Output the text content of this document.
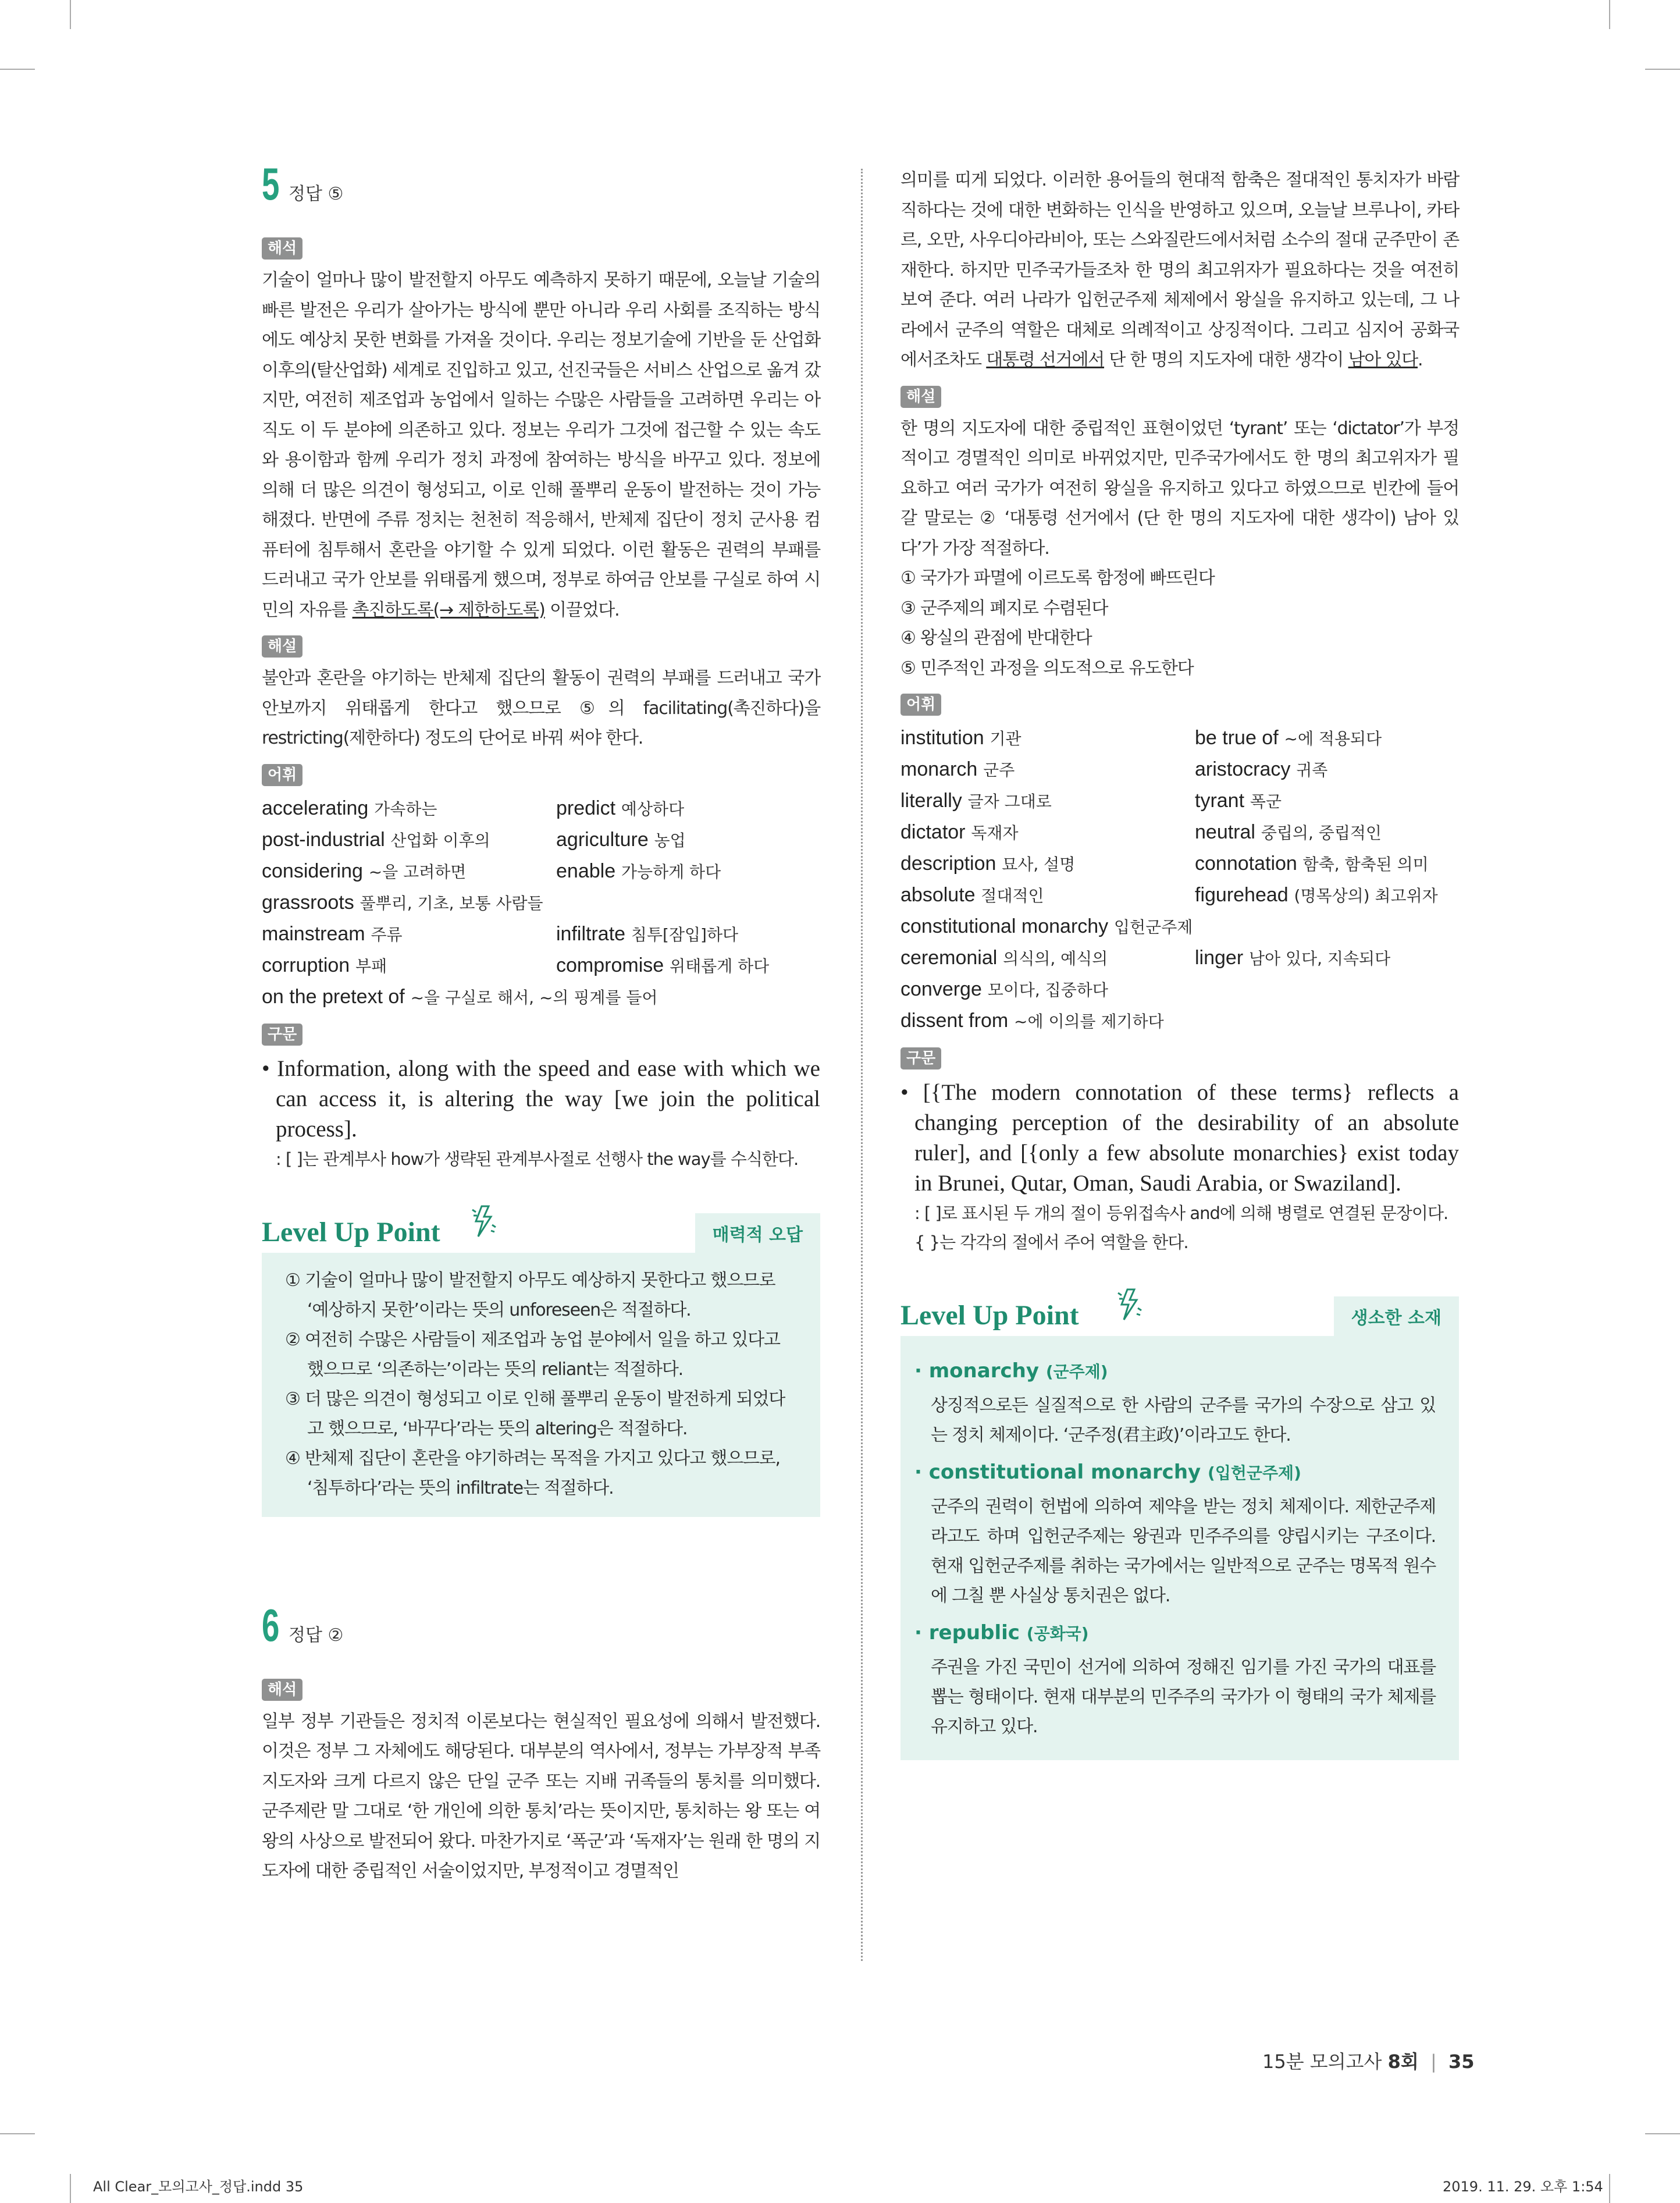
5 정답 ⑤
해석

기술이 얼마나 많이 발전할지 아무도 예측하지 못하기 때문에, 오늘날 기술의 빠른 발전은 우리가 살아가는 방식에 뿐만 아니라 우리 사회를 조직하는 방식에도 예상치 못한 변화를 가져올 것이다. 우리는 정보기술에 기반을 둔 산업화 이후의(탈산업화) 세계로 진입하고 있고, 선진국들은 서비스 산업으로 옮겨 갔지만, 여전히 제조업과 농업에서 일하는 수많은 사람들을 고려하면 우리는 아직도 이 두 분야에 의존하고 있다. 정보는 우리가 그것에 접근할 수 있는 속도와 용이함과 함께 우리가 정치 과정에 참여하는 방식을 바꾸고 있다. 정보에 의해 더 많은 의견이 형성되고, 이로 인해 풀뿌리 운동이 발전하는 것이 가능해졌다. 반면에 주류 정치는 천천히 적응해서, 반체제 집단이 정치 군사용 컴퓨터에 침투해서 혼란을 야기할 수 있게 되었다. 이런 활동은 권력의 부패를 드러내고 국가 안보를 위태롭게 했으며, 정부로 하여금 안보를 구실로 하여 시민의 자유를 촉진하도록(→ 제한하도록) 이끌었다.

해설

불안과 혼란을 야기하는 반체제 집단의 활동이 권력의 부패를 드러내고 국가 안보까지 위태롭게 한다고 했으므로 ⑤의 facilitating(촉진하다)을 restricting(제한하다) 정도의 단어로 바꿔 써야 한다.

어휘
accelerating 가속하는	predict 예상하다
post-industrial 산업화 이후의	agriculture 농업
considering ~을 고려하면	enable 가능하게 하다
grassroots 풀뿌리, 기초, 보통 사람들
mainstream 주류	infiltrate 침투[잠입]하다
corruption 부패	compromise 위태롭게 하다
on the pretext of ~을 구실로 해서, ~의 핑계를 들어
구문

• Information, along with the speed and ease with which we can access it, is altering the way [we join the political process].

: [ ]는 관계부사 how가 생략된 관계부사절로 선행사 the way를 수식한다.

Level Up Point	매력적 오답

① 기술이 얼마나 많이 발전할지 아무도 예상하지 못한다고 했으므로 ‘예상하지 못한’이라는 뜻의 unforeseen은 적절하다.

② 여전히 수많은 사람들이 제조업과 농업 분야에서 일을 하고 있다고 했으므로 ‘의존하는’이라는 뜻의 reliant는 적절하다.

③ 더 많은 의견이 형성되고 이로 인해 풀뿌리 운동이 발전하게 되었다고 했으므로, ‘바꾸다’라는 뜻의 altering은 적절하다.

④ 반체제 집단이 혼란을 야기하려는 목적을 가지고 있다고 했으므로, ‘침투하다’라는 뜻의 infiltrate는 적절하다.

6 정답 ②
해석

일부 정부 기관들은 정치적 이론보다는 현실적인 필요성에 의해서 발전했다. 이것은 정부 그 자체에도 해당된다. 대부분의 역사에서, 정부는 가부장적 부족 지도자와 크게 다르지 않은 단일 군주 또는 지배 귀족들의 통치를 의미했다. 군주제란 말 그대로 ‘한 개인에 의한 통치’라는 뜻이지만, 통치하는 왕 또는 여왕의 사상으로 발전되어 왔다. 마찬가지로 ‘폭군’과 ‘독재자’는 원래 한 명의 지도자에 대한 중립적인 서술이었지만, 부정적이고 경멸적인

의미를 띠게 되었다. 이러한 용어들의 현대적 함축은 절대적인 통치자가 바람직하다는 것에 대한 변화하는 인식을 반영하고 있으며, 오늘날 브루나이, 카타르, 오만, 사우디아라비아, 또는 스와질란드에서처럼 소수의 절대 군주만이 존재한다. 하지만 민주국가들조차 한 명의 최고위자가 필요하다는 것을 여전히 보여 준다. 여러 나라가 입헌군주제 체제에서 왕실을 유지하고 있는데, 그 나라에서 군주의 역할은 대체로 의례적이고 상징적이다. 그리고 심지어 공화국에서조차도 대통령 선거에서 단 한 명의 지도자에 대한 생각이 남아 있다.

해설

한 명의 지도자에 대한 중립적인 표현이었던 ‘tyrant’ 또는 ‘dictator’가 부정적이고 경멸적인 의미로 바뀌었지만, 민주국가에서도 한 명의 최고위자가 필요하고 여러 국가가 여전히 왕실을 유지하고 있다고 하였으므로 빈칸에 들어갈 말로는 ② ‘대통령 선거에서 (단 한 명의 지도자에 대한 생각이) 남아 있다’가 가장 적절하다.

① 국가가 파멸에 이르도록 함정에 빠뜨린다

③ 군주제의 폐지로 수렴된다

④ 왕실의 관점에 반대한다

⑤ 민주적인 과정을 의도적으로 유도한다

어휘
institution 기관	be true of ~에 적용되다
monarch 군주	aristocracy 귀족
literally 글자 그대로	tyrant 폭군
dictator 독재자	neutral 중립의, 중립적인
description 묘사, 설명	connotation 함축, 함축된 의미
absolute 절대적인	figurehead (명목상의) 최고위자
constitutional monarchy 입헌군주제
ceremonial 의식의, 예식의	linger 남아 있다, 지속되다
converge 모이다, 집중하다
dissent from ~에 이의를 제기하다
구문

• [{The modern connotation of these terms} reflects a changing perception of the desirability of an absolute ruler], and [{only a few absolute monarchies} exist today in Brunei, Qutar, Oman, Saudi Arabia, or Swaziland].

: [ ]로 표시된 두 개의 절이 등위접속사 and에 의해 병렬로 연결된 문장이다. { }는 각각의 절에서 주어 역할을 한다.

Level Up Point	생소한 소재

· monarchy (군주제)

상징적으로든 실질적으로 한 사람의 군주를 국가의 수장으로 삼고 있는 정치 체제이다. ‘군주정(君主政)’이라고도 한다.

· constitutional monarchy (입헌군주제)

군주의 권력이 헌법에 의하여 제약을 받는 정치 체제이다. 제한군주제라고도 하며 입헌군주제는 왕권과 민주주의를 양립시키는 구조이다. 현재 입헌군주제를 취하는 국가에서는 일반적으로 군주는 명목적 원수에 그칠 뿐 사실상 통치권은 없다.

· republic (공화국)

주권을 가진 국민이 선거에 의하여 정해진 임기를 가진 국가의 대표를 뽑는 형태이다. 현재 대부분의 민주주의 국가가 이 형태의 국가 체제를 유지하고 있다.

15분 모의고사 8회 | 35
All Clear_모의고사_정답.indd 35	2019. 11. 29. 오후 1:54
